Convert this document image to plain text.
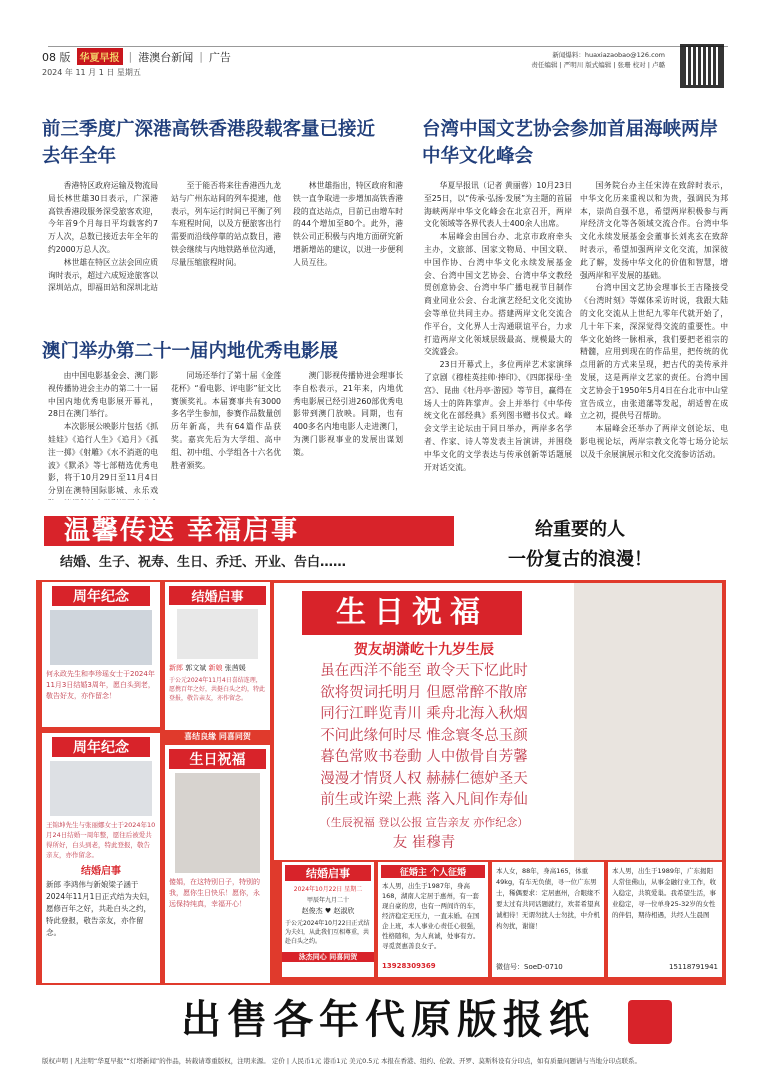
08 版 华夏早报 | 港澳台新闻 | 广告
2024 年 11 月 1 日 星期五
新闻爆料：huaxiazaobao@126.com
责任编辑 | 严明川 版式编辑 | 张珊 校对 | 卢璐
前三季度广深港高铁香港段载客量已接近去年全年

香港特区政府运输及物流局局长林世雄30日表示，广深港高铁香港段服务深受旅客欢迎，今年首9个月每日平均载客约7万人次，总数已接近去年全年的约2000万总人次。

林世雄在特区立法会回应质询时表示，超过六成短途旅客以深圳站点，即福田站和深圳北站

至于能否将来往香港西九龙站与广州东站间的列车提速，他表示，列车运行时间已平衡了列车班程时间，以及方便旅客出行需要而沿线停靠的站点数目，港铁会继续与内地铁路单位沟通，尽量压缩旅程时间。

林世雄指出，特区政府和港铁一直争取进一步增加高铁香港段的直达站点，目前已由增车时的44个增加至80个。此外，港铁公司正积极与内地方面研究新增新增站的建议，以进一步便利人员互往。

澳门举办第二十一届内地优秀电影展

由中国电影基金会、澳门影视传播协进会主办的第二十一届中国内地优秀电影展开幕礼，28日在澳门举行。

本次影展公映影片包括《抓娃娃》《追行人生》《追月》《孤注一掷》《射雕》《水不消逝的电波》《默杀》等七部精选优秀电影，将于10月29日至11月4日分别在澳特国际影城、永乐戏

同场还举行了第十届《金莲花杯》“看电影、评电影”征文比赛颁奖礼。本届赛事共有3000多名学生参加，参赛作品数量创历年新高，共有64篇作品获奖。嘉宾先后为大学组、高中组、初中组、小学组各十六名优胜者颁奖。

澳门影视传播协进会理事长李自松表示，21年来，内地优秀电影展已经引进260部优秀电影带到澳门放映。同期，也有400多名内地电影人走进澳门，为澳门影视事业的发展出谋划策。

台湾中国文艺协会参加首届海峡两岸中华文化峰会

华夏早报讯（记者 黄丽蓉）10月23日至25日，以“传承·弘扬·发展”为主题的首届海峡两岸中华文化峰会在北京召开，两岸文化领域等各界代表人士400余人出席。

本届峰会由国台办、北京市政府牵头主办，文旅部、国家文物局、中国文联、中国作协、台湾中华文化永续发展基金会、台湾中国文艺协会、台湾中华文教经贸创意协会、台湾中华广播电视节目制作商业同业公会、台北演艺经纪文化交流协会等单位共同主办。搭建两岸文化交流合作平台，文化界人士沟通联谊平台，力求打造两岸文化领域层级最高、规模最大的交流盛会。

23日开幕式上，多位两岸艺术家演绎了京剧《穆桂英挂帅·捧印》、《四郎探母·坐宫》、昆曲《牡丹亭·游园》等节目，赢得在场人士的阵阵掌声。会上并举行《中华传统文化在部经典》系列图书赠书仪式。峰会文学主论坛由于同日举办，两岸多名学者、作家、诗人等发表主旨演讲，并围绕中华文化的文学表达与传承创新等话题展开对话交流。

国务院台办主任宋涛在致辞时表示，中华文化历来重视以和为贵，强调民为邦本，崇尚自强不息，希望两岸积极参与两岸经济文化等各领域交流合作。台湾中华文化永续发展基金会董事长刘兆玄在致辞时表示，希望加强两岸文化交流，加深彼此了解，发扬中华文化的价值和智慧，增强两岸和平发展的基础。

台湾中国文艺协会理事长王吉隆接受《台湾时刻》等媒体采访时说，我跟大陆的文化交流从上世纪九零年代就开始了，几十年下来，深深觉得交流的重要性。中华文化始终一脉相承，我们要把老祖宗的精髓，应用到现在的作品里，把传统的优点用新的方式来呈现，把古代的美传承并发展，这是两岸文艺家的责任。台湾中国文艺协会于1950年5月4日在台北市中山堂宣告成立，由张道藩等发起，胡适曾在成立之初，提供号召帮助。

本届峰会还举办了两岸文创论坛、电影电视论坛，两岸宗教文化等七场分论坛以及千余展演展示和文化交流参访活动。

温馨传送 幸福启事
结婚、生子、祝寿、生日、乔迁、开业、告白……
给重要的人
一份复古的浪漫！
周年纪念
何永政先生和李珍瑶女士于2024年11月3日结婚3周年，愿白头到老，敬告好友，亦作留念！
周年纪念
王锦坤先生与张丽娜女士于2024年10月24日结婚一周年整，愿往后被爱共得所好，白头到老，特此登报，敬告亲友，亦作留念。
结婚启事
新郎 李鸿伟与新娘梁子涵于2024年11月1日正式结为夫妇，愿修百年之好，共赴白头之约，特此登报，敬告亲友，亦作留念。
结婚启事
新郎 郭文斌 新娘 张茜媛
于公元2024年11月4日喜结连理，愿携百年之好，共挺白头之约，特此登报，敬告亲友，亦作留念。
喜结良缘 同喜同贺
生日祝福
傻娟，在这特别日子，特别的我，愿你生日快乐！愿你，永远保持纯真，幸福开心！
生日祝福
贺友胡潇屹十九岁生辰
虽在西洋不能至 敢令天下忆此时
欲将贺词托明月 但愿常醉不散席
同行江畔览青川 乘舟北海入秋烟
不问此缘何时尽 惟念寰冬总玉颜
暮色常败书卷動 人中傲骨自芳馨
漫漫才情贤人权 赫赫仁德妒圣天
前生或许梁上燕 落入凡间作寿仙
（生辰祝福 登以公报 宣告亲友 亦作纪念）
友 崔穆青
结婚启事
2024年10月22日 星期二
甲辰年九月二十
赵俊杰 ♥ 赵淑欣
于公元2024年10月22日正式结为夫妇，从此我们互相尊重，共赴白头之约。
泳杰同心 同喜同贺
征婚主 个人征婚
本人男，出生于1987年，身高168，湖南人定居于惠州，有一套现自豪的房，也有一两间许的车，经济稳定无压力，一直未婚。在国企上班，本人事业心责任心很强，性格随和，为人真诚，处事有方。寻觅贤惠善良女子。
13928309369
本人女，88年，身高165，体重49kg，有车无负债，寻一位广东男士，稀偶要求：定居惠州，合眼缘不要太过有共同话题就行，欢者希望真诚相待！无谓勿扰人士勿扰，中介机构勿扰，谢谢！
微信号：SoeD-0710
本人男，出生于1989年，广东揭阳人常住佛山，从事金融行业工作，收入稳定，共筑爱巢。我希望生活，事业稳定，寻一位单身25-32岁的女性的伴侣，期待相遇，共经人生晨图
15118791941
出售各年代原版报纸
版权声明 | 凡注明“华夏早报”“灯塔新闻”的作品，转载请尊重版权，注明来源。 定价 | 人民币1元 港币1元 美元0.5元 本报在香港、纽约、伦敦、开罗、莫斯科设有分印点，如有质量问题请与当地分印点联系。
